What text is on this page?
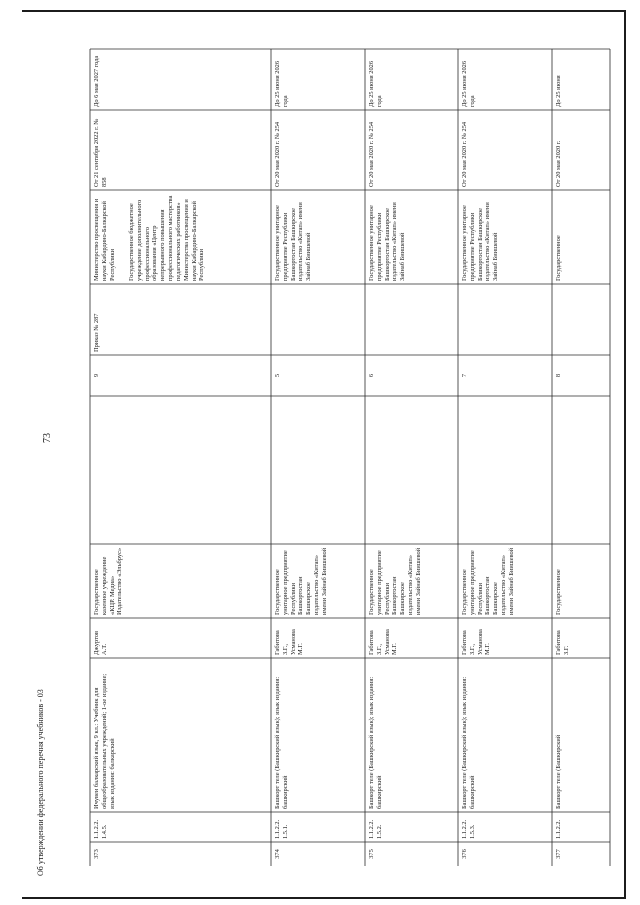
73
Об утверждении федерального перечня учебников - 03	373
1.1.2.2. 1.4.5.
Ичувеи балкарский язык, 9 кл.: Учебник для общеобразовательных учреждений; 1-ое издание; язык издания: балкарский
Джуртов А.Т.
Государственное казенное учреждение «КЦР. Медиа» Издательство «Эльбрус»
9
Приказ № 287
Министерство просвещения и науки Кабардино-Балкарской Республики	Государственное бюджетное учреждение дополнительного профессионального образования «Центр непрерывного повышения профессионального мастерства педагогических работников» Министерства просвещения и науки Кабардино-Балкарской Республики
От 21 сентября 2022 г. № 858
До 6 мая 2027 года
374
1.1.2.2. 1.5.1.
Башкорт теле (Башкирский язык); язык издания: башкирский
Габитова З.Г., Усманова М.Г.
Государственное унитарное предприятие Республики Башкортостан Башкирское издательство «Китап» имени Зайнаб Биишевой
5
Государственное унитарное предприятие Республики Башкортостан Башкирское издательство «Китап» имени Зайнаб Биишевой
От 20 мая 2020 г. № 254
До 25 июня 2026 года
375
1.1.2.2. 1.5.2.
Башкорт теле (Башкирский язык); язык издания: башкирский
Габитова З.Г., Усманова М.Г.
Государственное унитарное предприятие Республики Башкортостан Башкирское издательство «Китап» имени Зайнаб Биишевой
6
Государственное унитарное предприятие Республики Башкортостан Башкирское издательство «Китап» имени Зайнаб Биишевой
От 20 мая 2020 г. № 254
До 25 июня 2026 года
376
1.1.2.2. 1.5.3.
Башкорт теле (Башкирский язык); язык издания: башкирский
Габитова З.Г., Усманова М.Г.
Государственное унитарное предприятие Республики Башкортостан Башкирское издательство «Китап» имени Зайнаб Биишевой
7
Государственное унитарное предприятие Республики Башкортостан Башкирское издательство «Китап» имени Зайнаб Биишевой
От 20 мая 2020 г. № 254
До 25 июня 2026 года
377
1.1.2.2.
Башкорт теле (Башкирский
Габитова З.Г.
Государственное
8
Государственное
От 20 мая 2020 г.
До 25 июня
